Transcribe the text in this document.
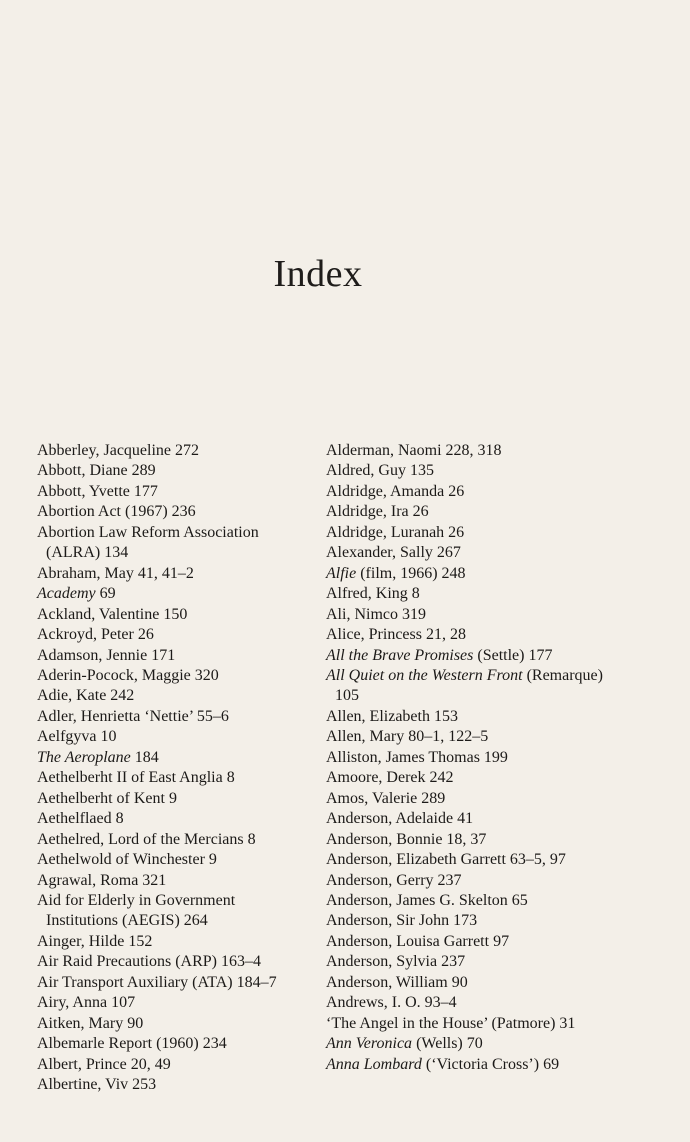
Index
Abberley, Jacqueline 272
Abbott, Diane 289
Abbott, Yvette 177
Abortion Act (1967) 236
Abortion Law Reform Association (ALRA) 134
Abraham, May 41, 41–2
Academy 69
Ackland, Valentine 150
Ackroyd, Peter 26
Adamson, Jennie 171
Aderin-Pocock, Maggie 320
Adie, Kate 242
Adler, Henrietta ‘Nettie’ 55–6
Aelfgyva 10
The Aeroplane 184
Aethelberht II of East Anglia 8
Aethelberht of Kent 9
Aethelflaed 8
Aethelred, Lord of the Mercians 8
Aethelwold of Winchester 9
Agrawal, Roma 321
Aid for Elderly in Government Institutions (AEGIS) 264
Ainger, Hilde 152
Air Raid Precautions (ARP) 163–4
Air Transport Auxiliary (ATA) 184–7
Airy, Anna 107
Aitken, Mary 90
Albemarle Report (1960) 234
Albert, Prince 20, 49
Albertine, Viv 253
Alderman, Naomi 228, 318
Aldred, Guy 135
Aldridge, Amanda 26
Aldridge, Ira 26
Aldridge, Luranah 26
Alexander, Sally 267
Alfie (film, 1966) 248
Alfred, King 8
Ali, Nimco 319
Alice, Princess 21, 28
All the Brave Promises (Settle) 177
All Quiet on the Western Front (Remarque) 105
Allen, Elizabeth 153
Allen, Mary 80–1, 122–5
Alliston, James Thomas 199
Amoore, Derek 242
Amos, Valerie 289
Anderson, Adelaide 41
Anderson, Bonnie 18, 37
Anderson, Elizabeth Garrett 63–5, 97
Anderson, Gerry 237
Anderson, James G. Skelton 65
Anderson, Sir John 173
Anderson, Louisa Garrett 97
Anderson, Sylvia 237
Anderson, William 90
Andrews, I. O. 93–4
‘The Angel in the House’ (Patmore) 31
Ann Veronica (Wells) 70
Anna Lombard (‘Victoria Cross’) 69
